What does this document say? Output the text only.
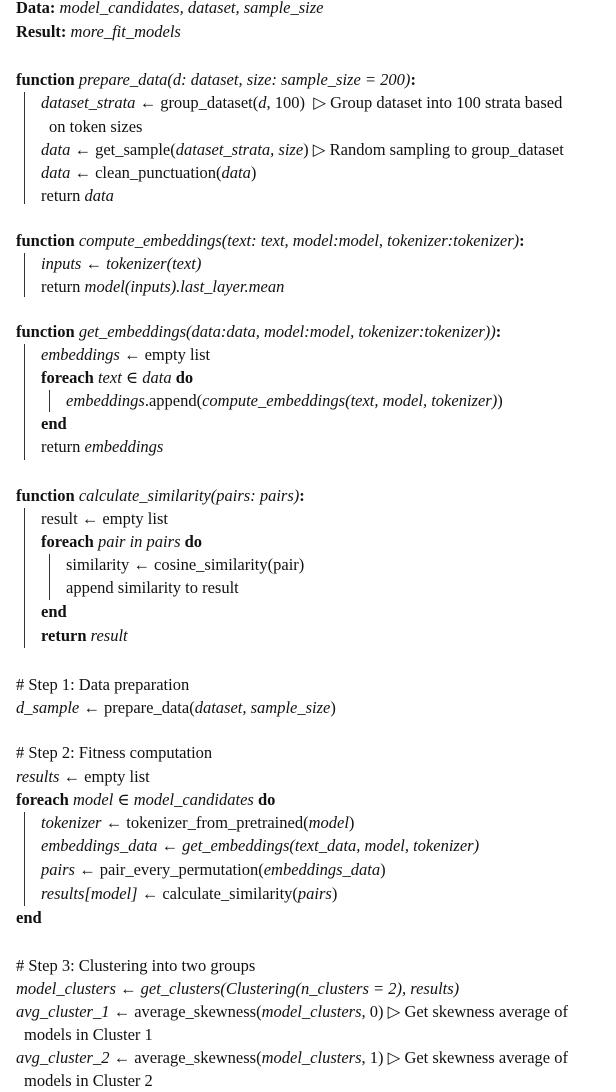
Data: model_candidates, dataset, sample_size
Result: more_fit_models
function prepare_data(d: dataset, size: sample_size = 200):
dataset_strata ← group_dataset(d, 100) ▷ Group dataset into 100 strata based
on token sizes
data ← get_sample(dataset_strata, size) ▷ Random sampling to group_dataset
data ← clean_punctuation(data)
return data
function compute_embeddings(text: text, model:model, tokenizer:tokenizer):
inputs ← tokenizer(text)
return model(inputs).last_layer.mean
function get_embeddings(data:data, model:model, tokenizer:tokenizer)):
embeddings ← empty list
foreach text ∈ data do
embeddings.append(compute_embeddings(text, model, tokenizer))
end
return embeddings
function calculate_similarity(pairs: pairs):
result ← empty list
foreach pair in pairs do
similarity ← cosine_similarity(pair)
append similarity to result
end
return result
# Step 1: Data preparation
d_sample ← prepare_data(dataset, sample_size)
# Step 2: Fitness computation
results ← empty list
foreach model ∈ model_candidates do
tokenizer ← tokenizer_from_pretrained(model)
embeddings_data ← get_embeddings(text_data, model, tokenizer)
pairs ← pair_every_permutation(embeddings_data)
results[model] ← calculate_similarity(pairs)
end
# Step 3: Clustering into two groups
model_clusters ← get_clusters(Clustering(n_clusters = 2), results)
avg_cluster_1 ← average_skewness(model_clusters, 0) ▷ Get skewness average of
models in Cluster 1
avg_cluster_2 ← average_skewness(model_clusters, 1) ▷ Get skewness average of
models in Cluster 2
